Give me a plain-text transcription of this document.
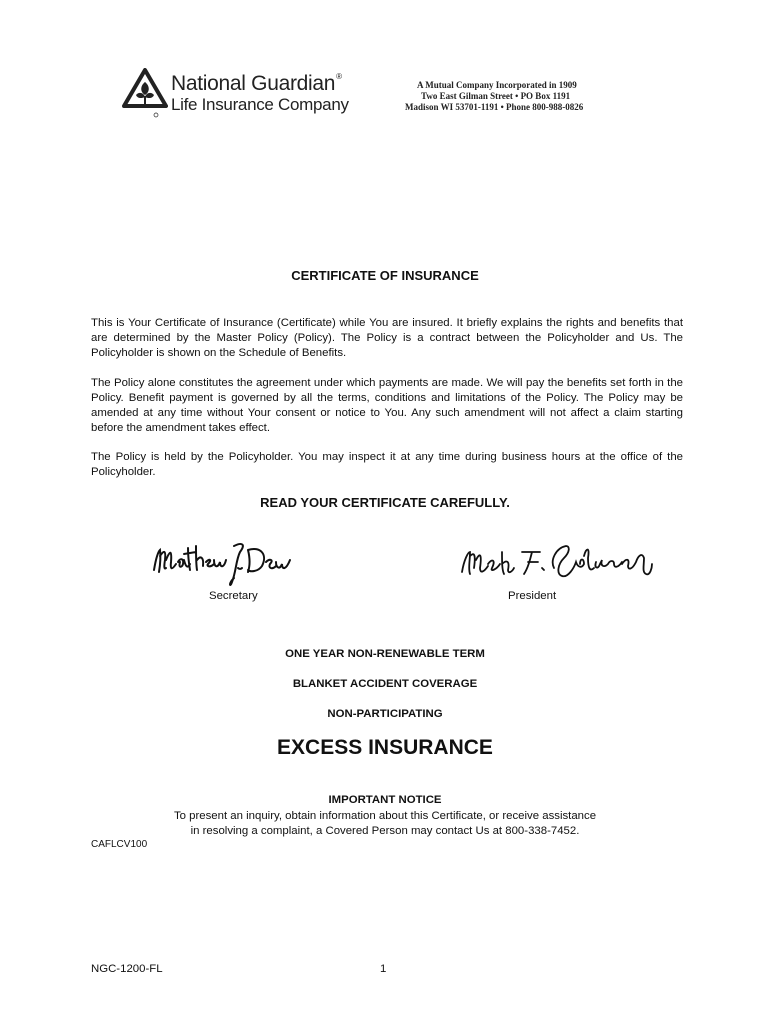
National Guardian®
Life Insurance Company
A Mutual Company Incorporated in 1909
Two East Gilman Street • PO Box 1191
Madison WI 53701-1191 • Phone 800-988-0826
CERTIFICATE OF INSURANCE
This is Your Certificate of Insurance (Certificate) while You are insured. It briefly explains the rights and benefits that are determined by the Master Policy (Policy). The Policy is a contract between the Policyholder and Us. The Policyholder is shown on the Schedule of Benefits.
The Policy alone constitutes the agreement under which payments are made. We will pay the benefits set forth in the Policy. Benefit payment is governed by all the terms, conditions and limitations of the Policy. The Policy may be amended at any time without Your consent or notice to You. Any such amendment will not affect a claim starting before the amendment takes effect.
The Policy is held by the Policyholder. You may inspect it at any time during business hours at the office of the Policyholder.
READ YOUR CERTIFICATE CAREFULLY.
Secretary	President
ONE YEAR NON-RENEWABLE TERM
BLANKET ACCIDENT COVERAGE
NON-PARTICIPATING
EXCESS INSURANCE
IMPORTANT NOTICE
To present an inquiry, obtain information about this Certificate, or receive assistance
in resolving a complaint, a Covered Person may contact Us at 800-338-7452.
CAFLCV100
NGC-1200-FL	1
